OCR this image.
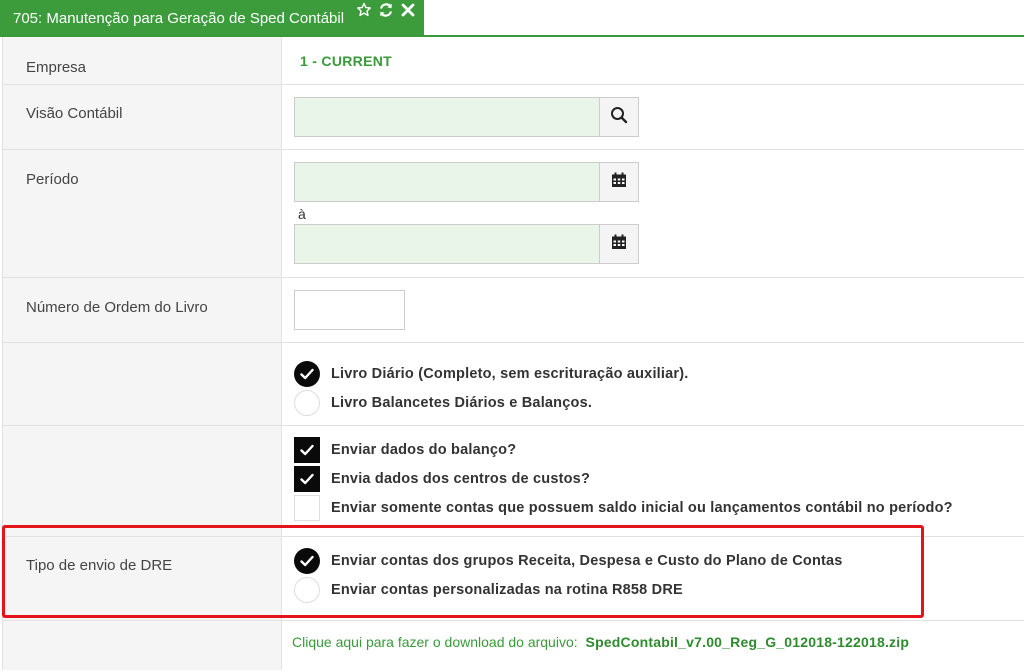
705: Manutenção para Geração de Sped Contábil
Empresa	1 - CURRENT
Visão Contábil
Período
à
Número de Ordem do Livro
Livro Diário (Completo, sem escrituração auxiliar).
Livro Balancetes Diários e Balanços.
Enviar dados do balanço?
Envia dados dos centros de custos?
Enviar somente contas que possuem saldo inicial ou lançamentos contábil no período?
Tipo de envio de DRE	Enviar contas dos grupos Receita, Despesa e Custo do Plano de Contas
Enviar contas personalizadas na rotina R858 DRE
Clique aqui para fazer o download do arquivo: SpedContabil_v7.00_Reg_G_012018-122018.zip
